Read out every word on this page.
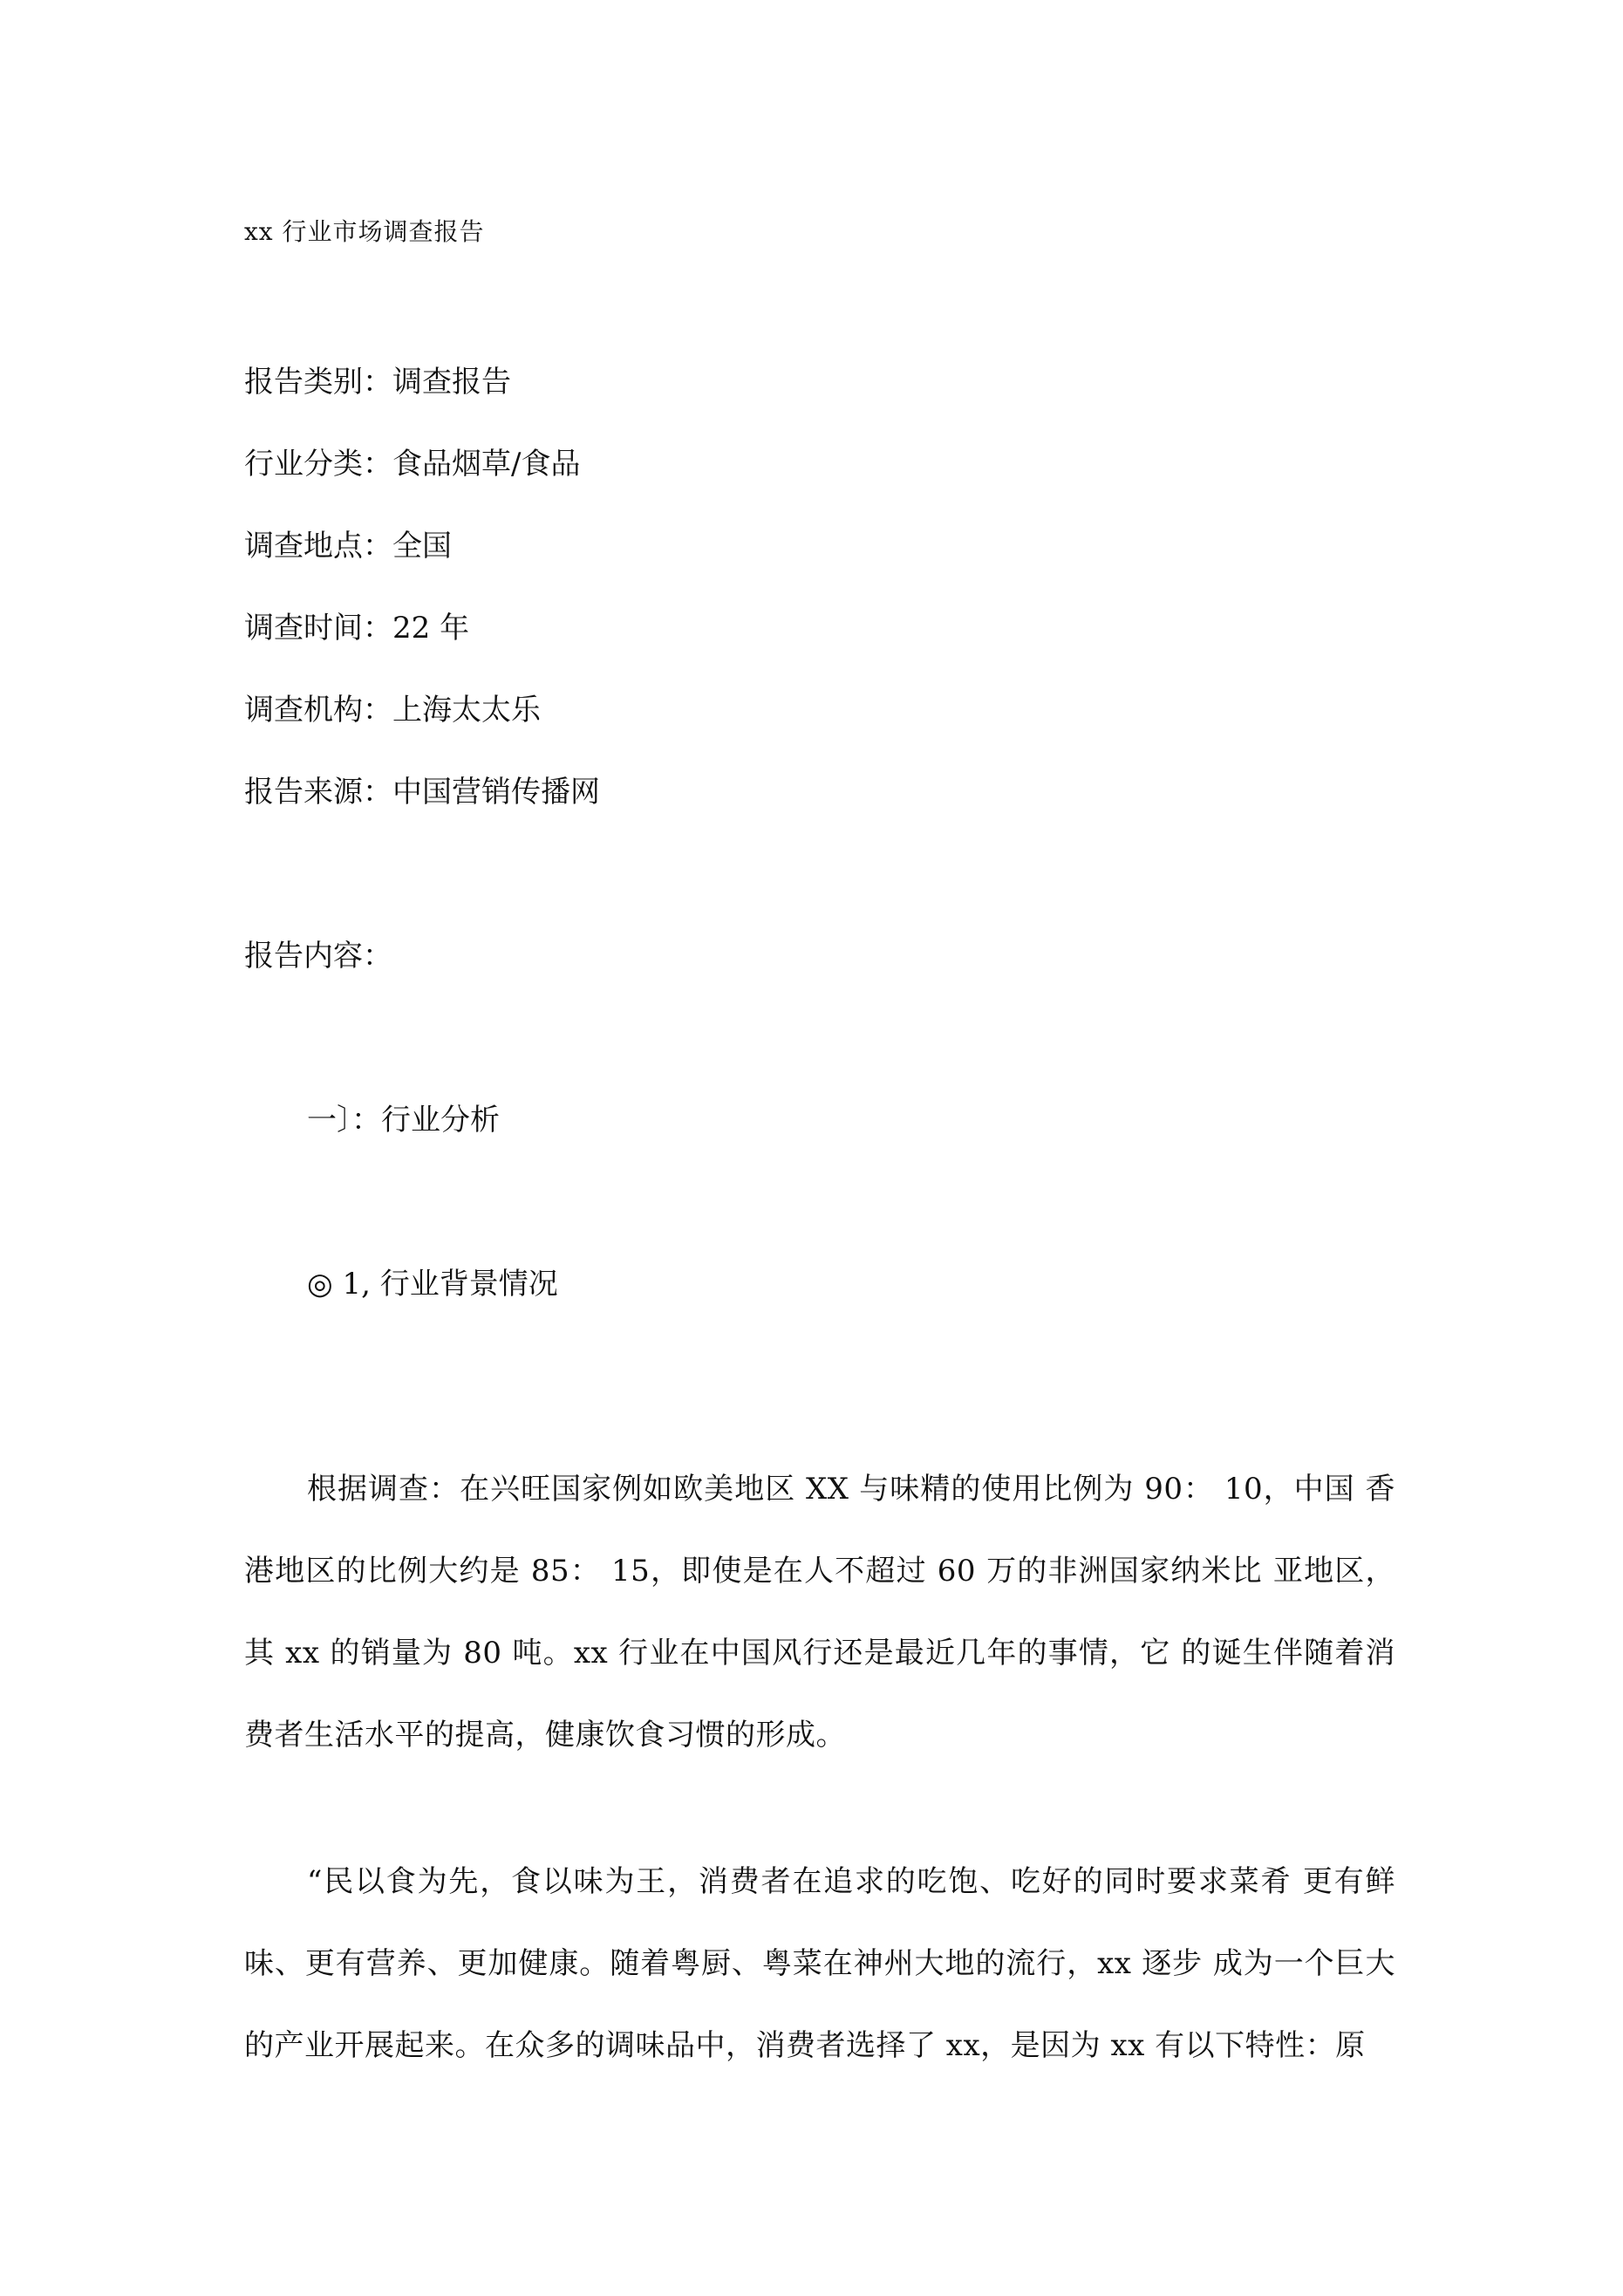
xx 行业市场调查报告
报告类别：调查报告
行业分类：食品烟草/食品
调查地点：全国
调查时间：22 年
调查机构：上海太太乐
报告来源：中国营销传播网
报告内容：
一〕：行业分析
◎ 1, 行业背景情况

根据调查：在兴旺国家例如欧美地区 XX 与味精的使用比例为 90： 10，中国 香港地区的比例大约是 85： 15，即使是在人不超过 60 万的非洲国家纳米比 亚地区，其 xx 的销量为 80 吨。xx 行业在中国风行还是最近几年的事情，它 的诞生伴随着消费者生活水平的提高，健康饮食习惯的形成。

“民以食为先，食以味为王，消费者在追求的吃饱、吃好的同时要求菜肴 更有鲜味、更有营养、更加健康。随着粤厨、粤菜在神州大地的流行，xx 逐步 成为一个巨大的产业开展起来。在众多的调味品中，消费者选择了 xx，是因为 xx 有以下特性：原
